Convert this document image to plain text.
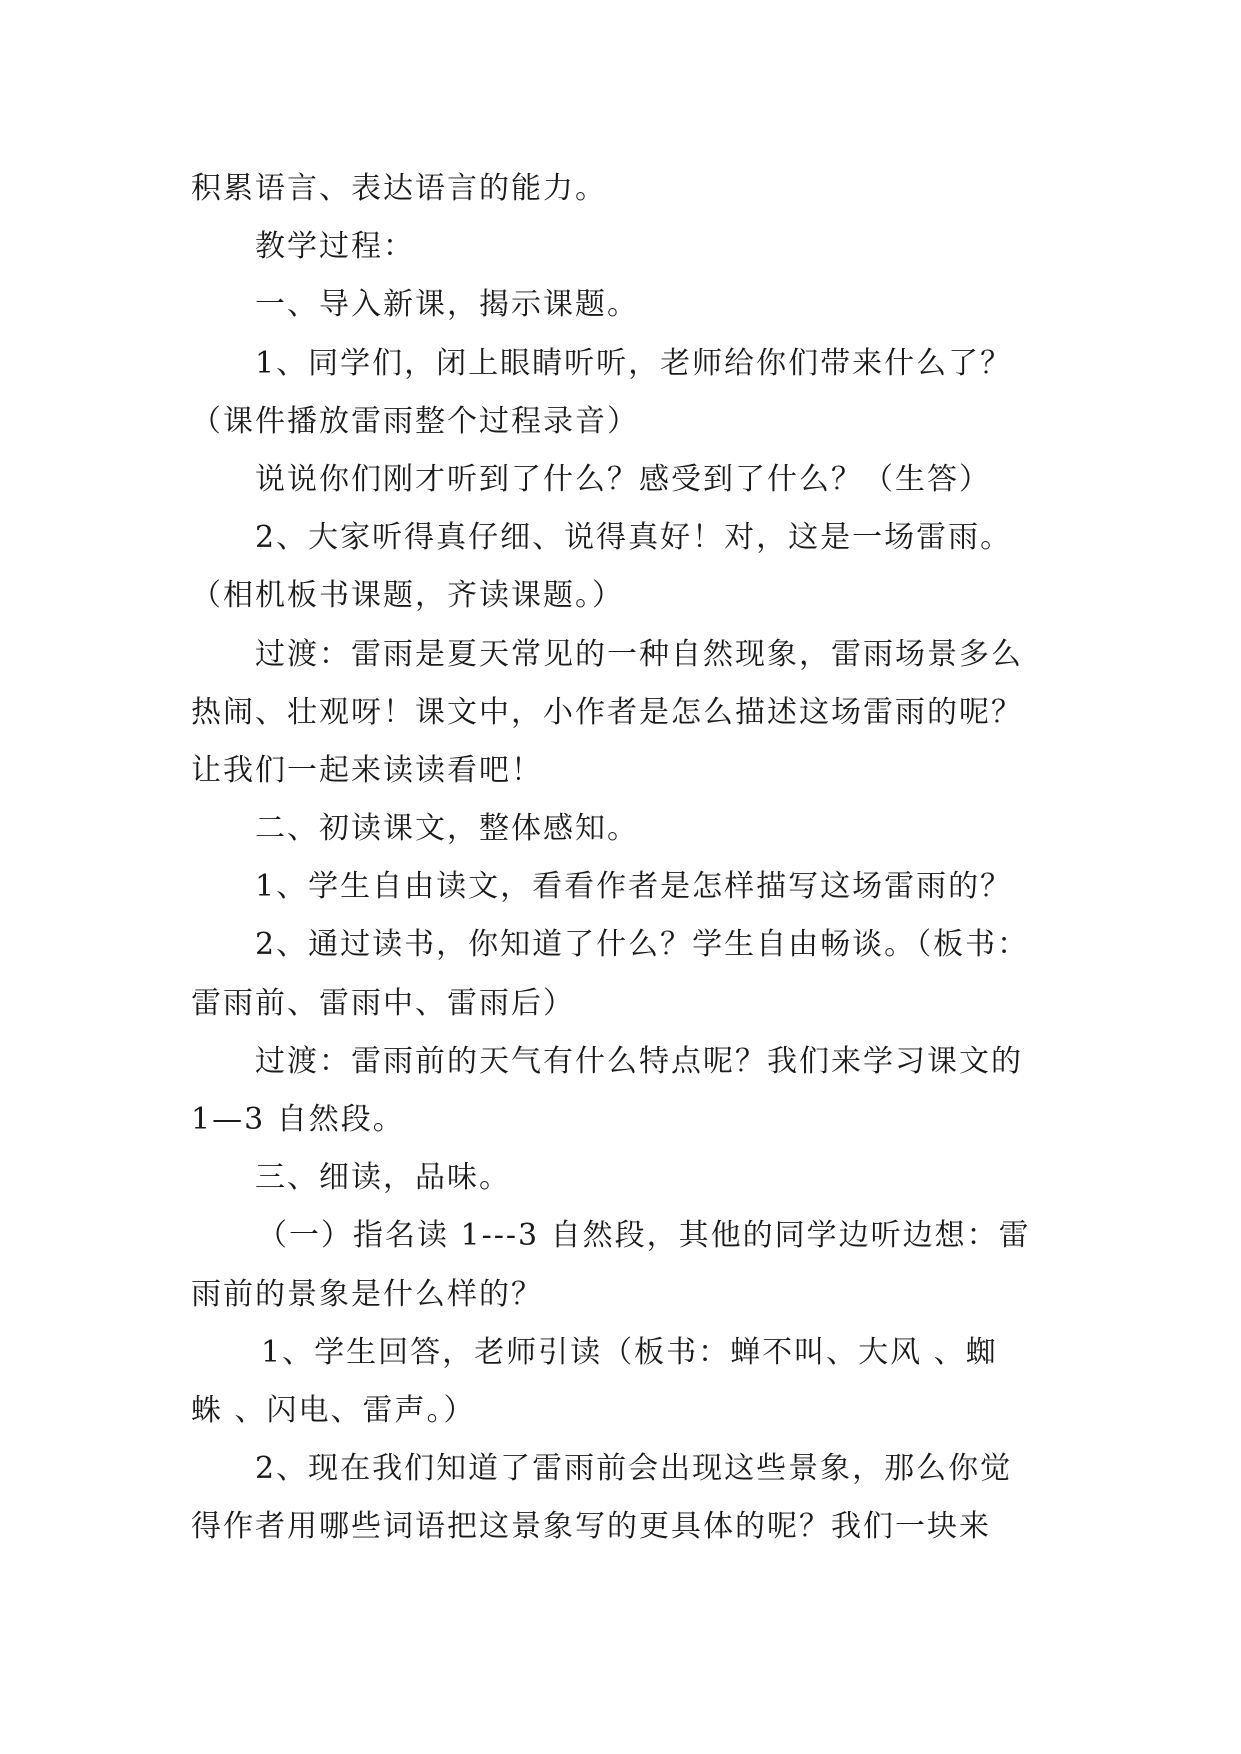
积累语言、表达语言的能力。
教学过程：
一、导入新课，揭示课题。
1、同学们，闭上眼睛听听，老师给你们带来什么了？
（课件播放雷雨整个过程录音）
说说你们刚才听到了什么？感受到了什么？（生答）
2、大家听得真仔细、说得真好！对，这是一场雷雨。
（相机板书课题，齐读课题。）
过渡：雷雨是夏天常见的一种自然现象，雷雨场景多么
热闹、壮观呀！课文中，小作者是怎么描述这场雷雨的呢？
让我们一起来读读看吧！
二、初读课文，整体感知。
1、学生自由读文，看看作者是怎样描写这场雷雨的？
2、通过读书，你知道了什么？学生自由畅谈。（板书：
雷雨前、雷雨中、雷雨后）
过渡：雷雨前的天气有什么特点呢？我们来学习课文的
1—3 自然段。
三、细读，品味。
（一）指名读 1---3 自然段，其他的同学边听边想：雷
雨前的景象是什么样的？
1、学生回答，老师引读（板书：蝉不叫、大风 、蜘
蛛 、闪电、雷声。）
2、现在我们知道了雷雨前会出现这些景象，那么你觉
得作者用哪些词语把这景象写的更具体的呢？我们一块来
